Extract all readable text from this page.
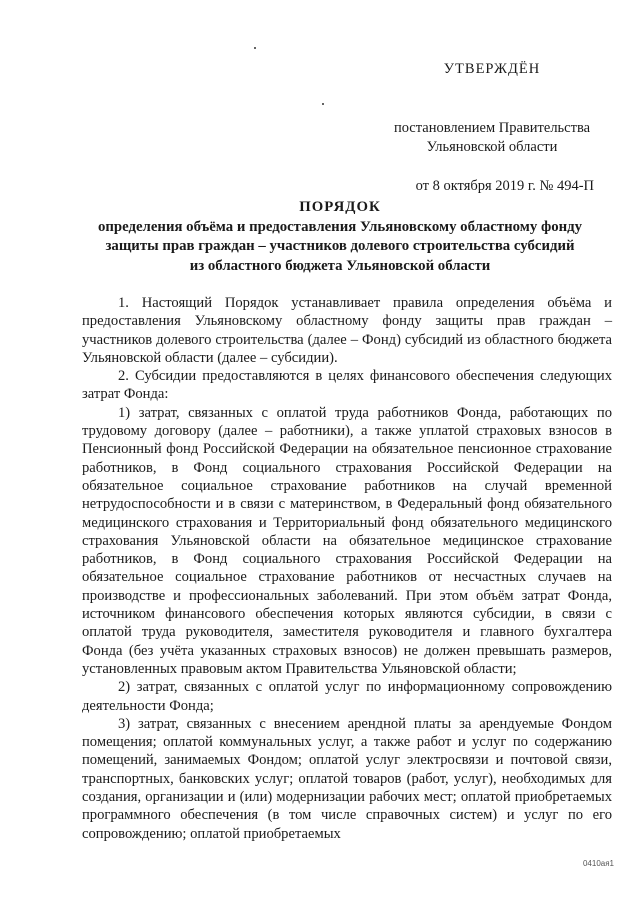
УТВЕРЖДЁН
постановлением Правительства
Ульяновской области
от 8 октября 2019 г. № 494-П
ПОРЯДОК
определения объёма и предоставления Ульяновскому областному фонду
защиты прав граждан – участников долевого строительства субсидий
из областного бюджета Ульяновской области

1. Настоящий Порядок устанавливает правила определения объёма и предоставления Ульяновскому областному фонду защиты прав граждан – участников долевого строительства (далее – Фонд) субсидий из областного бюджета Ульяновской области (далее – субсидии).

2. Субсидии предоставляются в целях финансового обеспечения следующих затрат Фонда:

1) затрат, связанных с оплатой труда работников Фонда, работающих по трудовому договору (далее – работники), а также уплатой страховых взносов в Пенсионный фонд Российской Федерации на обязательное пенсионное страхование работников, в Фонд социального страхования Российской Федерации на обязательное социальное страхование работников на случай временной нетрудоспособности и в связи с материнством, в Федеральный фонд обязательного медицинского страхования и Территориальный фонд обязательного медицинского страхования Ульяновской области на обязательное медицинское страхование работников, в Фонд социального страхования Российской Федерации на обязательное социальное страхование работников от несчастных случаев на производстве и профессиональных заболеваний. При этом объём затрат Фонда, источником финансового обеспечения которых являются субсидии, в связи с оплатой труда руководителя, заместителя руководителя и главного бухгалтера Фонда (без учёта указанных страховых взносов) не должен превышать размеров, установленных правовым актом Правительства Ульяновской области;

2) затрат, связанных с оплатой услуг по информационному сопровождению деятельности Фонда;

3) затрат, связанных с внесением арендной платы за арендуемые Фондом помещения; оплатой коммунальных услуг, а также работ и услуг по содержанию помещений, занимаемых Фондом; оплатой услуг электросвязи и почтовой связи, транспортных, банковских услуг; оплатой товаров (работ, услуг), необходимых для создания, организации и (или) модернизации рабочих мест; оплатой приобретаемых программного обеспечения (в том числе справочных систем) и услуг по его сопровождению; оплатой приобретаемых

0410ая1
